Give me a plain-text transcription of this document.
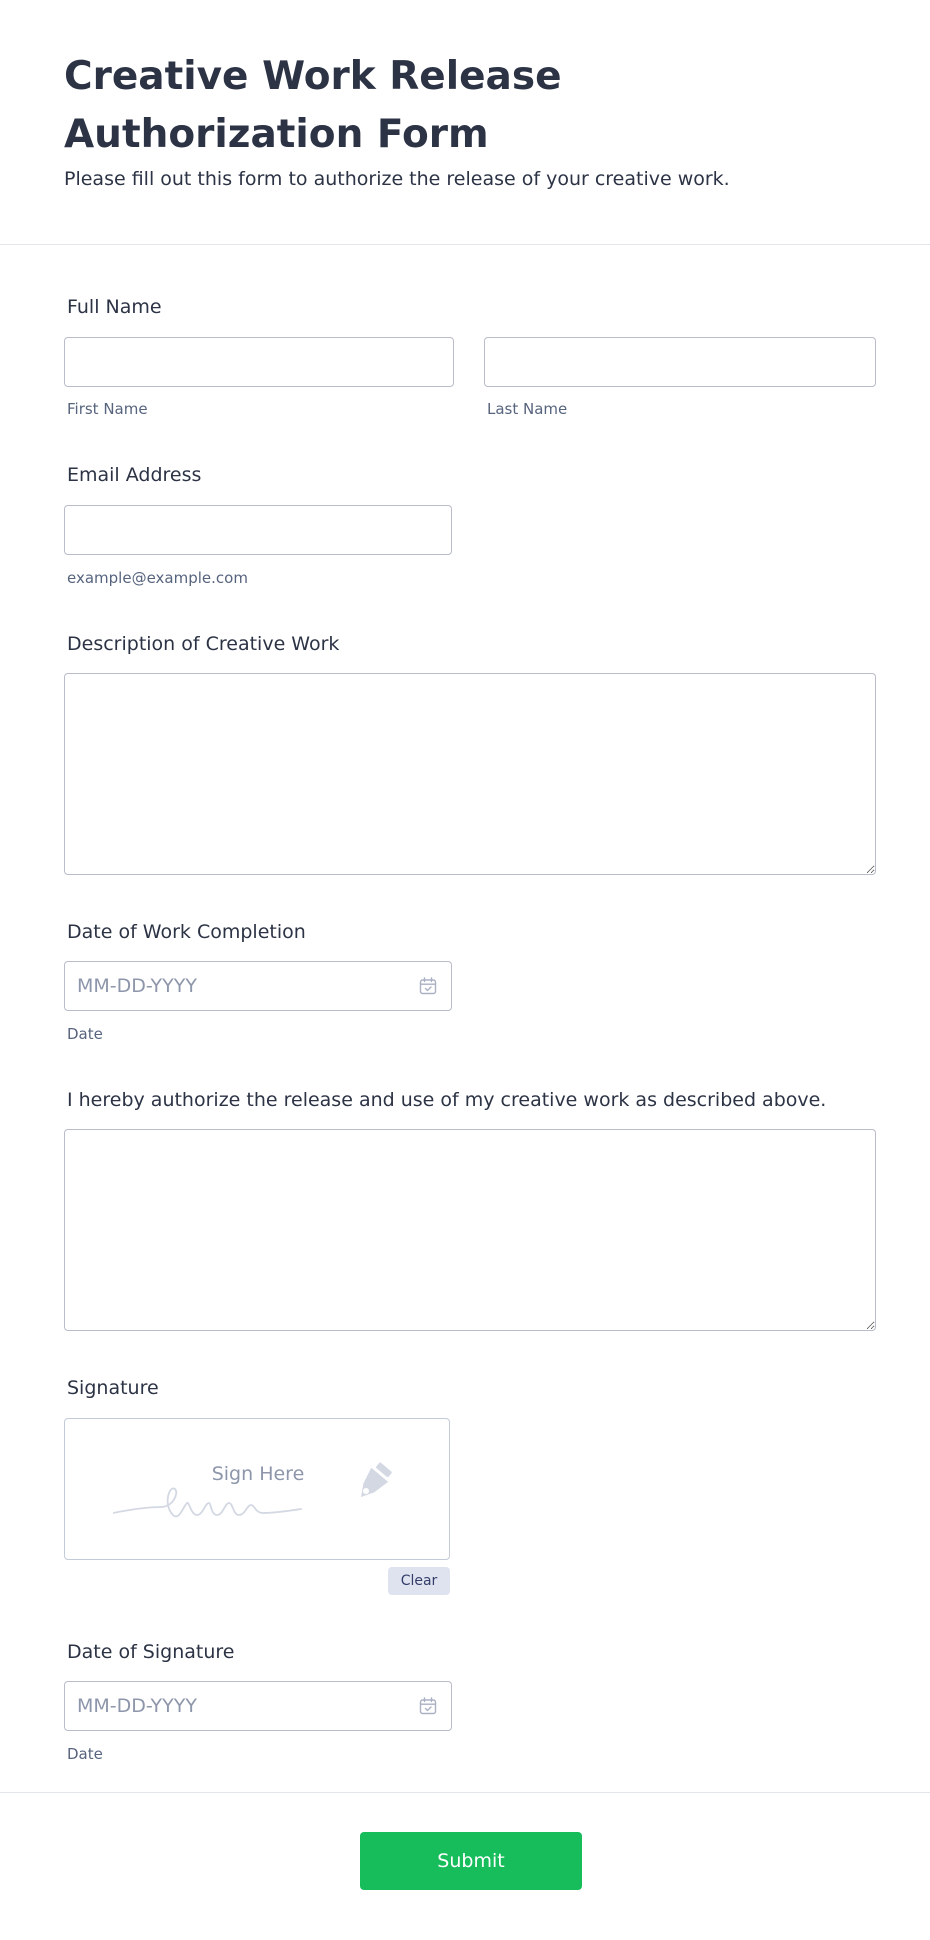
Creative Work Release Authorization Form

Please fill out this form to authorize the release of your creative work.

Full Name
First Name	Last Name
Email Address
example@example.com
Description of Creative Work
Date of Work Completion
MM-DD-YYYY
Date
I hereby authorize the release and use of my creative work as described above.
Signature
Sign Here
Clear
Date of Signature
MM-DD-YYYY
Date
Submit
